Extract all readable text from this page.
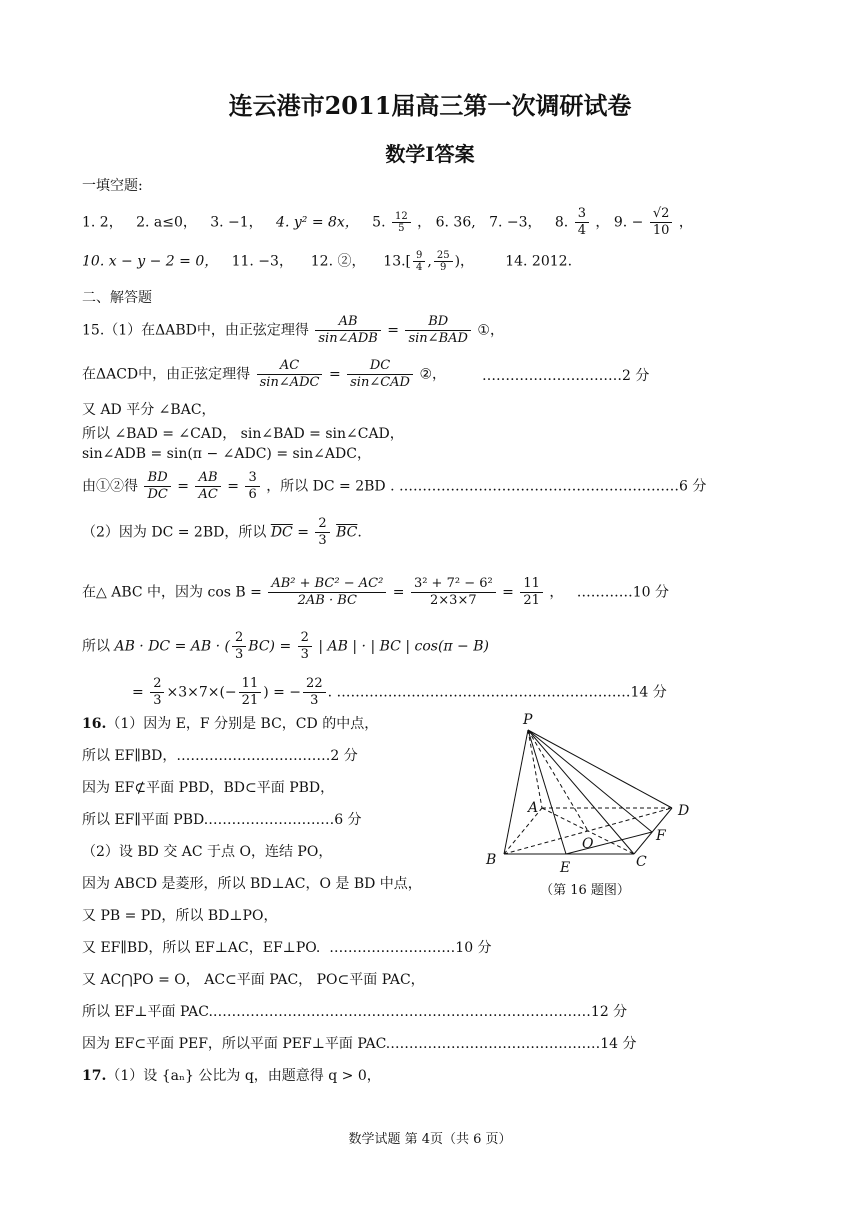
连云港市2011届高三第一次调研试卷
数学Ⅰ答案
一填空题:
1. 2， 2. a≤0， 3. −1， 4. y² = 8x， 5. $\frac{12}{5}$ ， 6. 36, 7. −3， 8. $\frac{3}{4}$ ， 9. − $\frac{√2}{10}$ ，
10. x − y − 2 = 0， 11. −3， 12. ②， $13.[ \frac{9}{4}$ , $\frac{25}{9}$ )， 14. 2012.
二、解答题
15.（1）在ΔABD中，由正弦定理得 $\frac{AB}{\text{sin∠ADB}} = \frac{BD}{\text{sin∠BAD}}$ ①，
在ΔACD中，由正弦定理得 $\frac{AC}{\text{sin∠ADC}} = \frac{DC}{\text{sin∠CAD}}$ ②，	…………………………2 分
又 AD 平分 ∠BAC，
所以 ∠BAD = ∠CAD， sin∠BAD = sin∠CAD，
sin∠ADB = sin(π − ∠ADC) = sin∠ADC，
由①②得 $\frac{BD}{DC} = \frac{AB}{AC} = \frac{3}{6}$ ，所以 DC = 2BD . ……………………………………………………6 分
（2）因为 DC = 2BD，所以 $\overline{DC} = \frac{2}{3} \overline{BC}$.
在△ ABC 中，因为 $\cos B = \frac{\text{AB² + BC² − AC²}}{2AB \cdot BC} = \frac{\text{3² + 7² − 6²}}{2\times 3\times 7} = \frac{11}{21}$ ， …………10 分
所以 AB · DC = AB · ( $\frac{2}{3} BC) = \frac{2}{3}$ | AB | · | BC | cos(π − B)
= $\frac{2}{3} \times 3\times 7\times(- \frac{11}{21}$ ) = − $\frac{22}{3}$ . ………………………………………………………14 分
16.（1）因为 E，F 分别是 BC，CD 的中点，
所以 EF∥BD，……………………………2 分
因为 EF⊄平面 PBD，BD⊂平面 PBD，
所以 EF∥平面 PBD.………………………6 分
（2）设 BD 交 AC 于点 O，连结 PO，
因为 ABCD 是菱形，所以 BD⊥AC，O 是 BD 中点，
又 PB = PD，所以 BD⊥PO，
又 EF∥BD，所以 EF⊥AC，EF⊥PO. ………………………10 分
又 AC⋂PO = O， AC⊂平面 PAC， PO⊂平面 PAC，
所以 EF⊥平面 PAC.………………………………………………………………………12 分
因为 EF⊂平面 PEF，所以平面 PEF⊥平面 PAC.………………………………………14 分
P
A
B	C
D
E
F
O
（第 16 题图）
17.（1）设 {aₙ} 公比为 q，由题意得 q > 0，
数学试题 第 4页（共 6 页）
